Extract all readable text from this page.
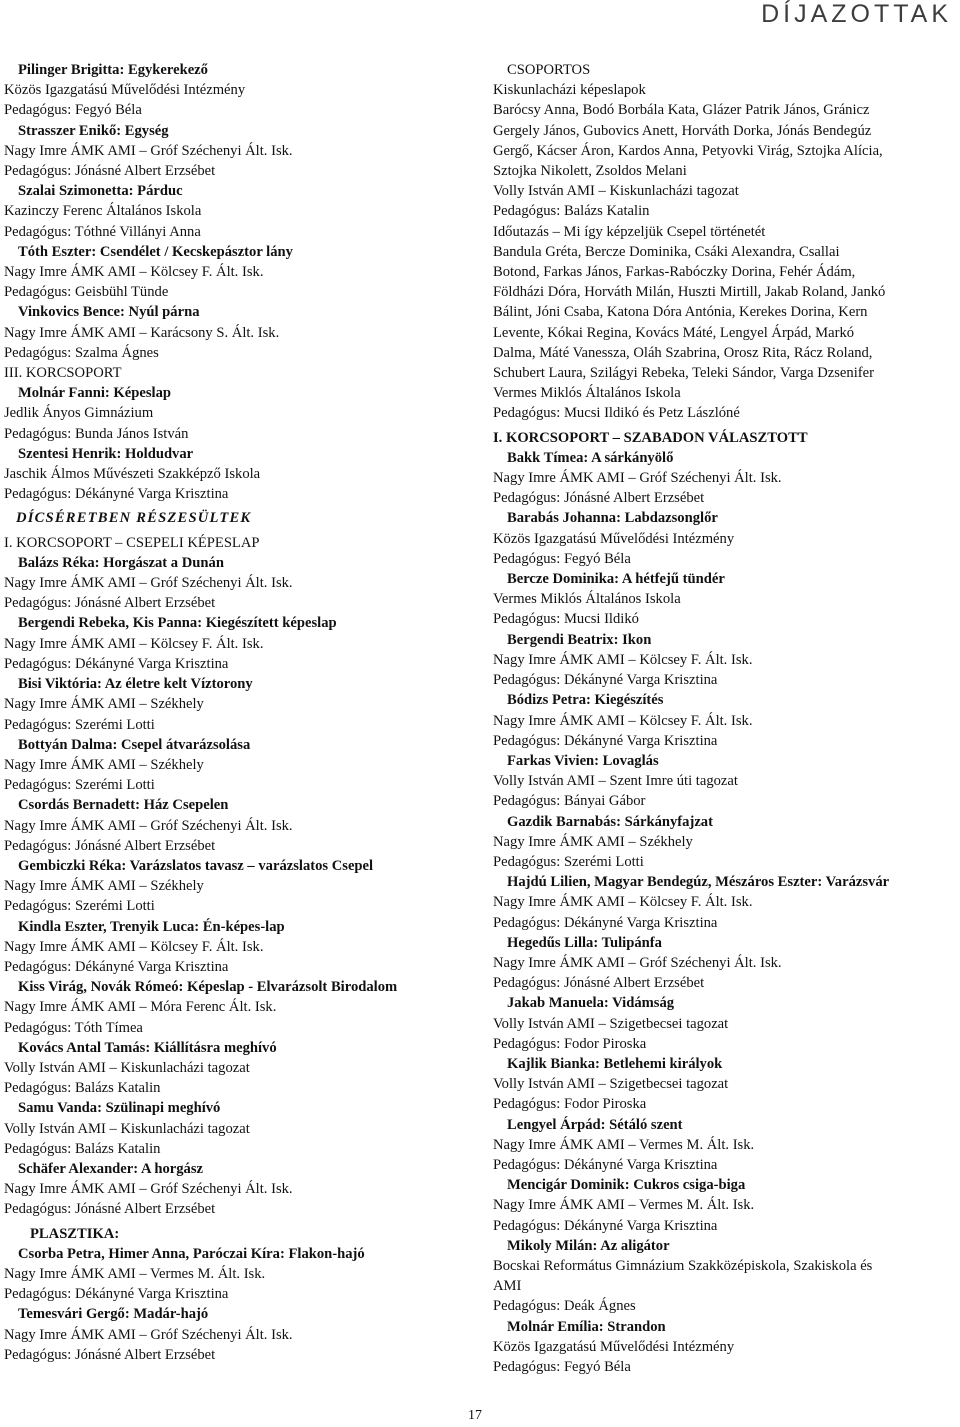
DÍJAZOTTAK
Pilinger Brigitta: Egykerekező
Közös Igazgatású Művelődési Intézmény
Pedagógus: Fegyó Béla
Strasszer Enikő: Egység
Nagy Imre ÁMK AMI – Gróf Széchenyi Ált. Isk.
Pedagógus: Jónásné Albert Erzsébet
Szalai Szimonetta: Párduc
Kazinczy Ferenc Általános Iskola
Pedagógus: Tóthné Villányi Anna
Tóth Eszter: Csendélet / Kecskepásztor lány
Nagy Imre ÁMK AMI – Kölcsey F. Ált. Isk.
Pedagógus: Geisbühl Tünde
Vinkovics Bence: Nyúl párna
Nagy Imre ÁMK AMI – Karácsony S. Ált. Isk.
Pedagógus: Szalma Ágnes
III. KORCSOPORT
Molnár Fanni: Képeslap
Jedlik Ányos Gimnázium
Pedagógus: Bunda János István
Szentesi Henrik: Holdudvar
Jaschik Álmos Művészeti Szakképző Iskola
Pedagógus: Dékányné Varga Krisztina
DÍCSÉRETBEN RÉSZESÜLTEK
I. KORCSOPORT – CSEPELI KÉPESLAP
Balázs Réka: Horgászat a Dunán
Nagy Imre ÁMK AMI – Gróf Széchenyi Ált. Isk.
Pedagógus: Jónásné Albert Erzsébet
Bergendi Rebeka, Kis Panna: Kiegészített képeslap
Nagy Imre ÁMK AMI – Kölcsey F. Ált. Isk.
Pedagógus: Dékányné Varga Krisztina
Bisi Viktória: Az életre kelt Víztorony
Nagy Imre ÁMK AMI – Székhely
Pedagógus: Szerémi Lotti
Bottyán Dalma: Csepel átvarázsolása
Nagy Imre ÁMK AMI – Székhely
Pedagógus: Szerémi Lotti
Csordás Bernadett: Ház Csepelen
Nagy Imre ÁMK AMI – Gróf Széchenyi Ált. Isk.
Pedagógus: Jónásné Albert Erzsébet
Gembiczki Réka: Varázslatos tavasz – varázslatos Csepel
Nagy Imre ÁMK AMI – Székhely
Pedagógus: Szerémi Lotti
Kindla Eszter, Trenyik Luca: Én-képes-lap
Nagy Imre ÁMK AMI – Kölcsey F. Ált. Isk.
Pedagógus: Dékányné Varga Krisztina
Kiss Virág, Novák Rómeó: Képeslap - Elvarázsolt Birodalom
Nagy Imre ÁMK AMI – Móra Ferenc Ált. Isk.
Pedagógus: Tóth Tímea
Kovács Antal Tamás: Kiállításra meghívó
Volly István AMI – Kiskunlacházi tagozat
Pedagógus: Balázs Katalin
Samu Vanda: Szülinapi meghívó
Volly István AMI – Kiskunlacházi tagozat
Pedagógus: Balázs Katalin
Schäfer Alexander: A horgász
Nagy Imre ÁMK AMI – Gróf Széchenyi Ált. Isk.
Pedagógus: Jónásné Albert Erzsébet
PLASZTIKA:
Csorba Petra, Himer Anna, Paróczai Kíra: Flakon-hajó
Nagy Imre ÁMK AMI – Vermes M. Ált. Isk.
Pedagógus: Dékányné Varga Krisztina
Temesvári Gergő: Madár-hajó
Nagy Imre ÁMK AMI – Gróf Széchenyi Ált. Isk.
Pedagógus: Jónásné Albert Erzsébet
CSOPORTOS
Kiskunlacházi képeslapok
Barócsy Anna, Bodó Borbála Kata, Glázer Patrik János, Gránicz
Gergely János, Gubovics Anett, Horváth Dorka, Jónás Bendegúz
Gergő, Kácser Áron, Kardos Anna, Petyovki Virág, Sztojka Alícia,
Sztojka Nikolett, Zsoldos Melani
Volly István AMI – Kiskunlacházi tagozat
Pedagógus: Balázs Katalin
Időutazás – Mi így képzeljük Csepel történetét
Bandula Gréta, Bercze Dominika, Csáki Alexandra, Csallai
Botond, Farkas János, Farkas-Rabóczky Dorina, Fehér Ádám,
Földházi Dóra, Horváth Milán, Huszti Mirtill, Jakab Roland, Jankó
Bálint, Jóni Csaba, Katona Dóra Antónia, Kerekes Dorina, Kern
Levente, Kókai Regina, Kovács Máté, Lengyel Árpád, Markó
Dalma, Máté Vanessza, Oláh Szabrina, Orosz Rita, Rácz Roland,
Schubert Laura, Szilágyi Rebeka, Teleki Sándor, Varga Dzsenifer
Vermes Miklós Általános Iskola
Pedagógus: Mucsi Ildikó és Petz Lászlóné
I. KORCSOPORT – SZABADON VÁLASZTOTT
Bakk Tímea: A sárkányölő
Nagy Imre ÁMK AMI – Gróf Széchenyi Ált. Isk.
Pedagógus: Jónásné Albert Erzsébet
Barabás Johanna: Labdazsonglőr
Közös Igazgatású Művelődési Intézmény
Pedagógus: Fegyó Béla
Bercze Dominika: A hétfejű tündér
Vermes Miklós Általános Iskola
Pedagógus: Mucsi Ildikó
Bergendi Beatrix: Ikon
Nagy Imre ÁMK AMI – Kölcsey F. Ált. Isk.
Pedagógus: Dékányné Varga Krisztina
Bódizs Petra: Kiegészítés
Nagy Imre ÁMK AMI – Kölcsey F. Ált. Isk.
Pedagógus: Dékányné Varga Krisztina
Farkas Vivien: Lovaglás
Volly István AMI – Szent Imre úti tagozat
Pedagógus: Bányai Gábor
Gazdik Barnabás: Sárkányfajzat
Nagy Imre ÁMK AMI – Székhely
Pedagógus: Szerémi Lotti
Hajdú Lilien, Magyar Bendegúz, Mészáros Eszter: Varázsvár
Nagy Imre ÁMK AMI – Kölcsey F. Ált. Isk.
Pedagógus: Dékányné Varga Krisztina
Hegedűs Lilla: Tulipánfa
Nagy Imre ÁMK AMI – Gróf Széchenyi Ált. Isk.
Pedagógus: Jónásné Albert Erzsébet
Jakab Manuela: Vidámság
Volly István AMI – Szigetbecsei tagozat
Pedagógus: Fodor Piroska
Kajlik Bianka: Betlehemi királyok
Volly István AMI – Szigetbecsei tagozat
Pedagógus: Fodor Piroska
Lengyel Árpád: Sétáló szent
Nagy Imre ÁMK AMI – Vermes M. Ált. Isk.
Pedagógus: Dékányné Varga Krisztina
Mencigár Dominik: Cukros csiga-biga
Nagy Imre ÁMK AMI – Vermes M. Ált. Isk.
Pedagógus: Dékányné Varga Krisztina
Mikoly Milán: Az aligátor
Bocskai Református Gimnázium Szakközépiskola, Szakiskola és
AMI
Pedagógus: Deák Ágnes
Molnár Emília: Strandon
Közös Igazgatású Művelődési Intézmény
Pedagógus: Fegyó Béla
17
